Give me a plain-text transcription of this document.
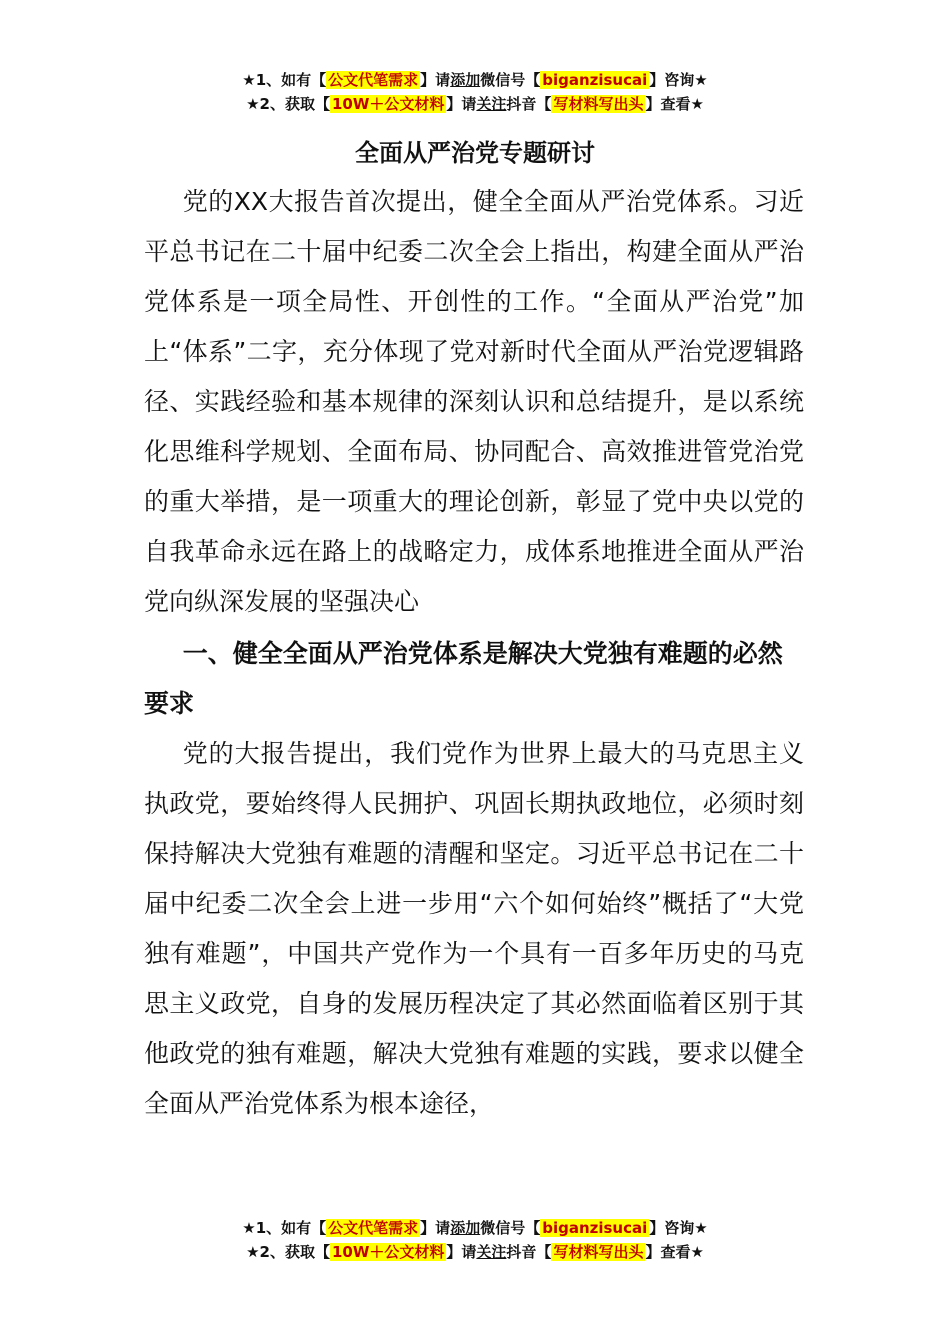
★1、如有【 公文代笔需求 】请添加微信号【 biganzisucai 】咨询★
★2、获取【 10W＋公文材料 】请关注抖音【 写材料写出头 】查看★
全面从严治党专题研讨

党的XX大报告首次提出，健全全面从严治党体系。习近平总书记在二十届中纪委二次全会上指出，构建全面从严治党体系是一项全局性、开创性的工作。“全面从严治党”加上“体系”二字，充分体现了党对新时代全面从严治党逻辑路径、实践经验和基本规律的深刻认识和总结提升，是以系统化思维科学规划、全面布局、协同配合、高效推进管党治党的重大举措，是一项重大的理论创新，彰显了党中央以党的自我革命永远在路上的战略定力，成体系地推进全面从严治党向纵深发展的坚强决心

一、健全全面从严治党体系是解决大党独有难题的必然要求

党的大报告提出，我们党作为世界上最大的马克思主义执政党，要始终得人民拥护、巩固长期执政地位，必须时刻保持解决大党独有难题的清醒和坚定。习近平总书记在二十届中纪委二次全会上进一步用“六个如何始终”概括了“大党独有难题”，中国共产党作为一个具有一百多年历史的马克思主义政党，自身的发展历程决定了其必然面临着区别于其他政党的独有难题，解决大党独有难题的实践，要求以健全全面从严治党体系为根本途径，

★1、如有【 公文代笔需求 】请添加微信号【 biganzisucai 】咨询★
★2、获取【 10W＋公文材料 】请关注抖音【 写材料写出头 】查看★
